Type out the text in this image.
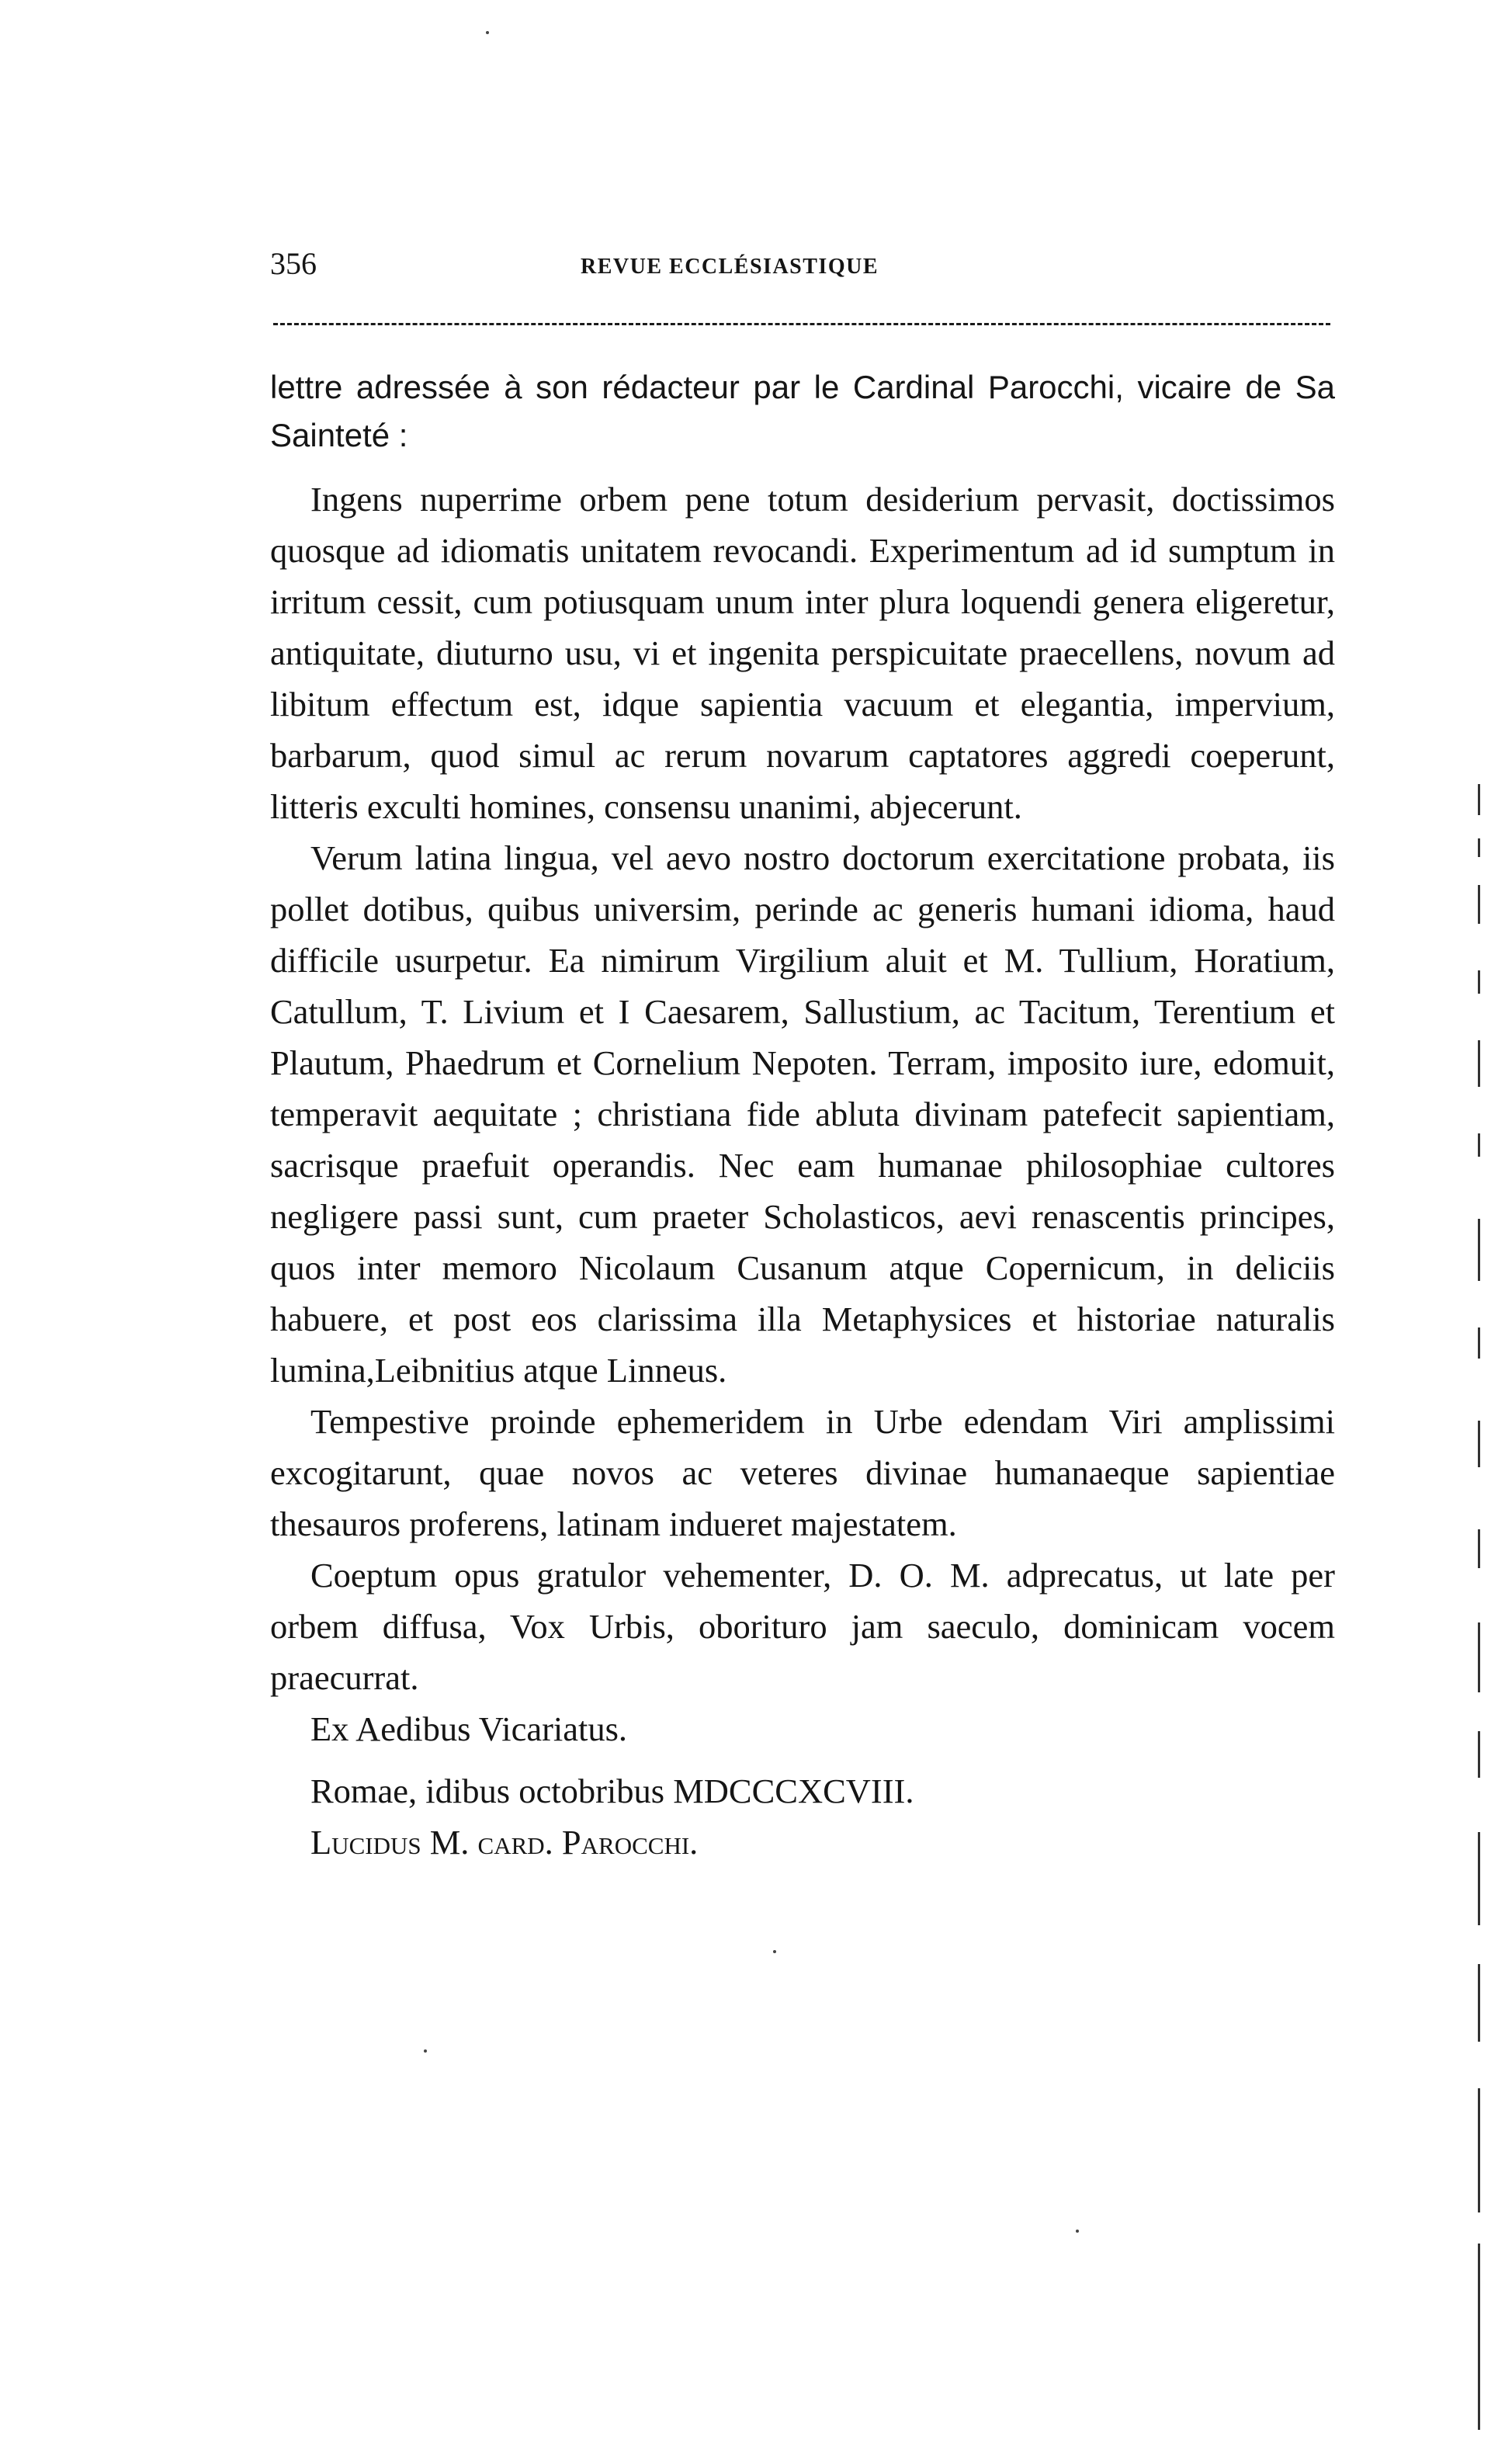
356	REVUE ECCLÉSIASTIQUE

lettre adressée à son rédacteur par le Cardinal Parocchi, vicaire de Sa Sainteté :

Ingens nuperrime orbem pene totum desiderium pervasit, doctissimos quosque ad idiomatis unitatem revocandi. Experimentum ad id sumptum in irritum cessit, cum potiusquam unum inter plura loquendi genera eligeretur, antiquitate, diuturno usu, vi et ingenita perspicuitate praecellens, novum ad libitum effectum est, idque sapientia vacuum et elegantia, impervium, barbarum, quod simul ac rerum novarum captatores aggredi coeperunt, litteris exculti homines, consensu unanimi, abjecerunt.

Verum latina lingua, vel aevo nostro doctorum exercitatione probata, iis pollet dotibus, quibus universim, perinde ac generis humani idioma, haud difficile usurpetur. Ea nimirum Virgilium aluit et M. Tullium, Horatium, Catullum, T. Livium et I Caesarem, Sallustium, ac Tacitum, Terentium et Plautum, Phaedrum et Cornelium Nepoten. Terram, imposito iure, edomuit, temperavit aequitate ; christiana fide abluta divinam patefecit sapientiam, sacrisque praefuit operandis. Nec eam humanae philosophiae cultores negligere passi sunt, cum praeter Scholasticos, aevi renascentis principes, quos inter memoro Nicolaum Cusanum atque Copernicum, in deliciis habuere, et post eos clarissima illa Metaphysices et historiae naturalis lumina,Leibnitius atque Linneus.

Tempestive proinde ephemeridem in Urbe edendam Viri amplissimi excogitarunt, quae novos ac veteres divinae humanaeque sapientiae thesauros proferens, latinam indueret majestatem.

Coeptum opus gratulor vehementer, D. O. M. adprecatus, ut late per orbem diffusa, Vox Urbis, oborituro jam saeculo, dominicam vocem praecurrat.

Ex Aedibus Vicariatus.

Romae, idibus octobribus MDCCCXCVIII.

Lucidus M. card. Parocchi.
